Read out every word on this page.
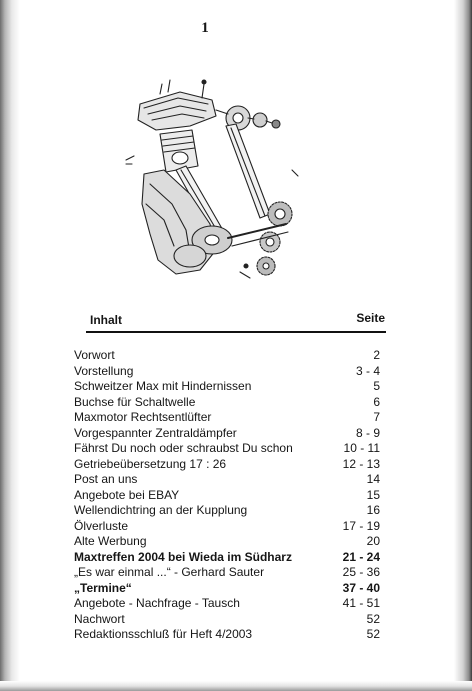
1
Inhalt	Seite
Vorwort	2
Vorstellung	3 - 4
Schweitzer Max mit Hindernissen	5
Buchse für Schaltwelle	6
Maxmotor Rechtsentlüfter	7
Vorgespannter Zentraldämpfer	8 - 9
Fährst Du noch oder schraubst Du schon	10 - 11
Getriebeübersetzung 17 : 26	12 - 13
Post an uns	14
Angebote bei EBAY	15
Wellendichtring an der Kupplung	16
Ölverluste	17 - 19
Alte Werbung	20
Maxtreffen 2004 bei Wieda im Südharz	21 - 24
„Es war einmal ...“ - Gerhard Sauter	25 - 36
„Termine“	37 - 40
Angebote - Nachfrage - Tausch	41 - 51
Nachwort	52
Redaktionsschluß für Heft 4/2003	52
